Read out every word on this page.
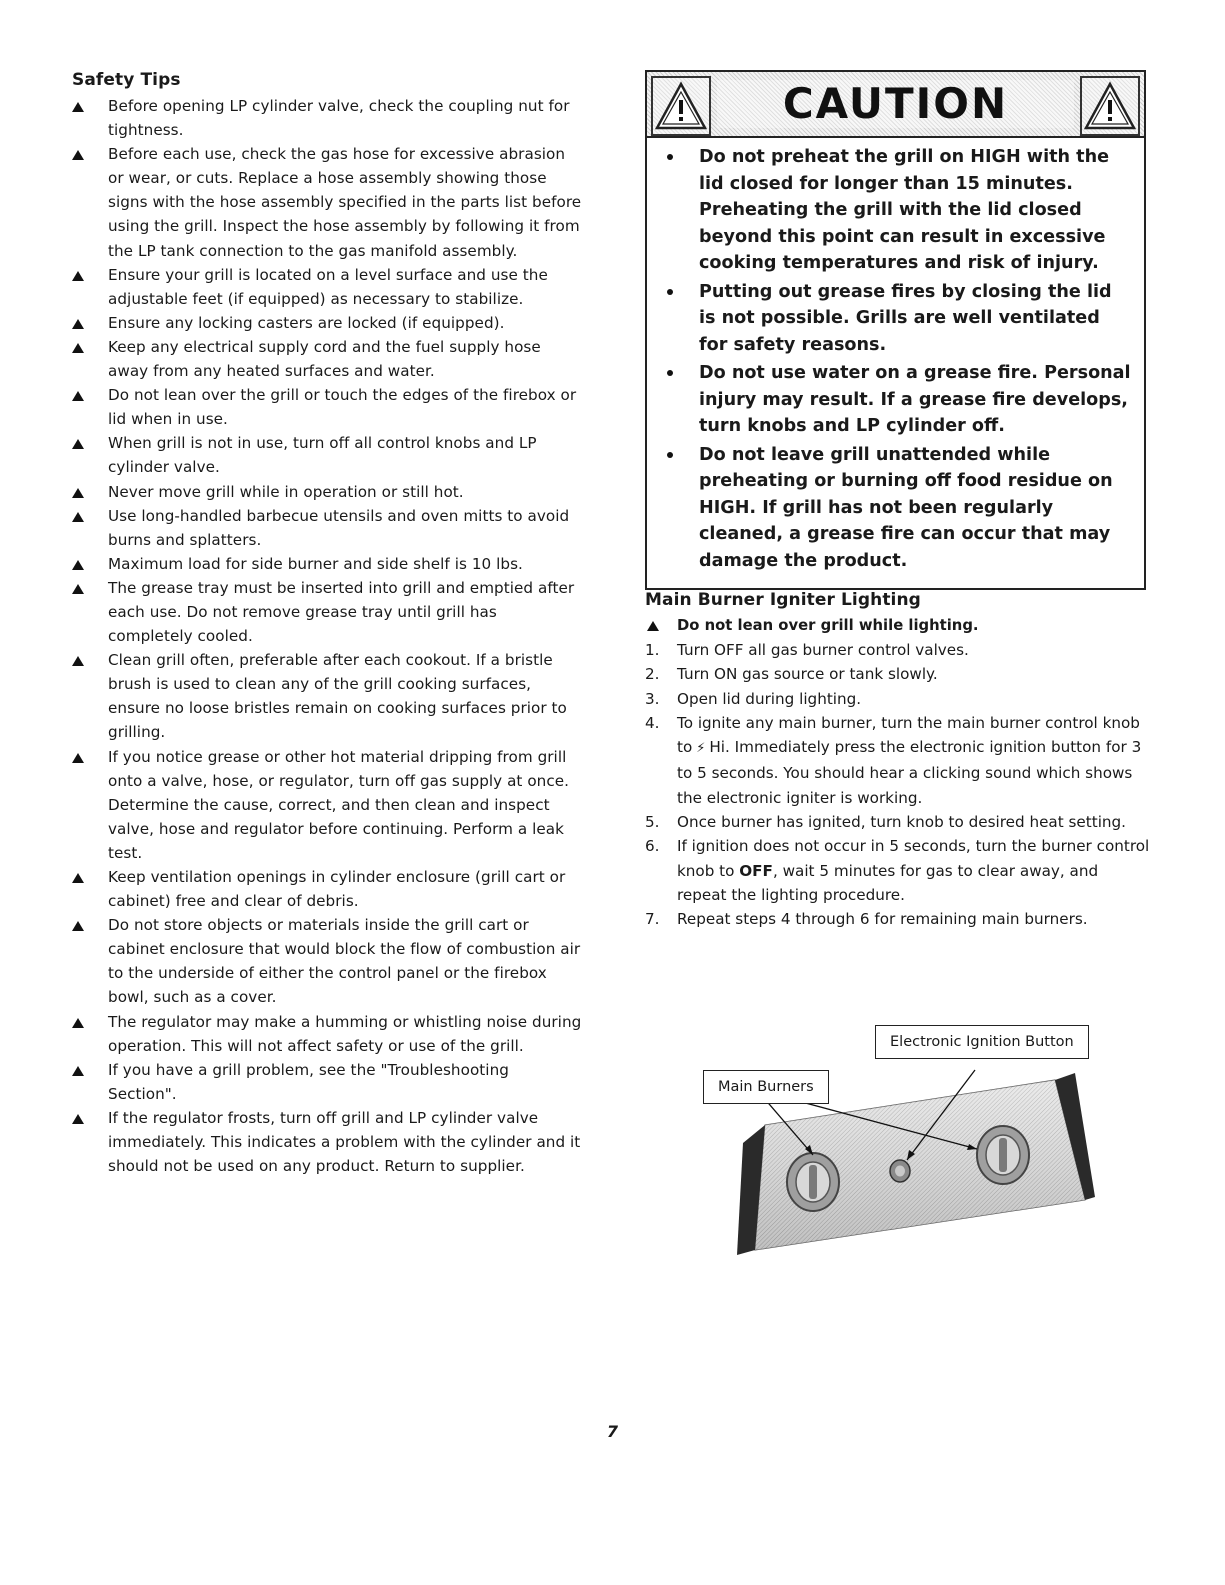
Safety Tips
Before opening LP cylinder valve, check the coupling nut for tightness.
Before each use, check the gas hose for excessive abrasion or wear, or cuts. Replace a hose assembly showing those signs with the hose assembly specified in the parts list before using the grill. Inspect the hose assembly by following it from the LP tank connection to the gas manifold assembly.
Ensure your grill is located on a level surface and use the adjustable feet (if equipped) as necessary to stabilize.
Ensure any locking casters are locked (if equipped).
Keep any electrical supply cord and the fuel supply hose away from any heated surfaces and water.
Do not lean over the grill or touch the edges of the firebox or lid when in use.
When grill is not in use, turn off all control knobs and LP cylinder valve.
Never move grill while in operation or still hot.
Use long-handled barbecue utensils and oven mitts to avoid burns and splatters.
Maximum load for side burner and side shelf is 10 lbs.
The grease tray must be inserted into grill and emptied after each use. Do not remove grease tray until grill has completely cooled.
Clean grill often, preferable after each cookout. If a bristle brush is used to clean any of the grill cooking surfaces, ensure no loose bristles remain on cooking surfaces prior to grilling.
If you notice grease or other hot material dripping from grill onto a valve, hose, or regulator, turn off gas supply at once. Determine the cause, correct, and then clean and inspect valve, hose and regulator before continuing. Perform a leak test.
Keep ventilation openings in cylinder enclosure (grill cart or cabinet) free and clear of debris.
Do not store objects or materials inside the grill cart or cabinet enclosure that would block the flow of combustion air to the underside of either the control panel or the firebox bowl, such as a cover.
The regulator may make a humming or whistling noise during operation. This will not affect safety or use of the grill.
If you have a grill problem, see the "Troubleshooting Section".
If the regulator frosts, turn off grill and LP cylinder valve immediately. This indicates a problem with the cylinder and it should not be used on any product. Return to supplier.
CAUTION
Do not preheat the grill on HIGH with the lid closed for longer than 15 minutes. Preheating the grill with the lid closed beyond this point can result in excessive cooking temperatures and risk of injury.
Putting out grease fires by closing the lid is not possible. Grills are well ventilated for safety reasons.
Do not use water on a grease fire. Personal injury may result. If a grease fire develops, turn knobs and LP cylinder off.
Do not leave grill unattended while preheating or burning off food residue on HIGH. If grill has not been regularly cleaned, a grease fire can occur that may damage the product.
Main Burner Igniter Lighting
Do not lean over grill while lighting.
1. Turn OFF all gas burner control valves.
2. Turn ON gas source or tank slowly.
3. Open lid during lighting.
4. To ignite any main burner, turn the main burner control knob to ⚡ Hi. Immediately press the electronic ignition button for 3 to 5 seconds. You should hear a clicking sound which shows the electronic igniter is working.
5. Once burner has ignited, turn knob to desired heat setting.
6. If ignition does not occur in 5 seconds, turn the burner control knob to OFF, wait 5 minutes for gas to clear away, and repeat the lighting procedure.
7. Repeat steps 4 through 6 for remaining main burners.
Electronic Ignition Button
Main Burners
7
